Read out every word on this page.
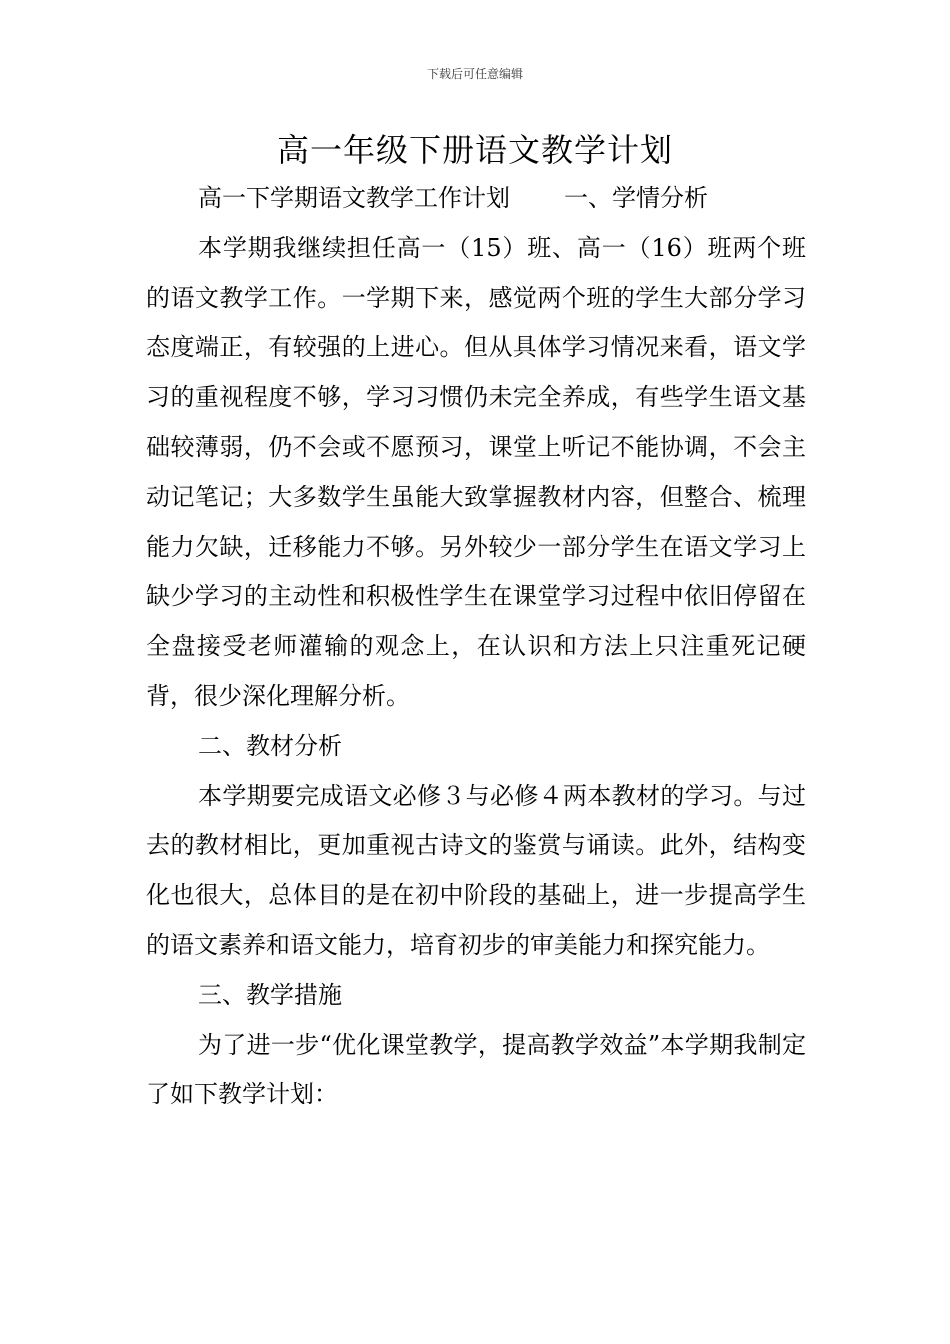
下载后可任意编辑
高一年级下册语文教学计划

高一下学期语文教学工作计划 一、学情分析

本学期我继续担任高一（15）班、高一（16）班两个班的语文教学工作。一学期下来，感觉两个班的学生大部分学习态度端正，有较强的上进心。但从具体学习情况来看，语文学习的重视程度不够，学习习惯仍未完全养成，有些学生语文基础较薄弱，仍不会或不愿预习，课堂上听记不能协调，不会主动记笔记；大多数学生虽能大致掌握教材内容，但整合、梳理能力欠缺，迁移能力不够。另外较少一部分学生在语文学习上缺少学习的主动性和积极性学生在课堂学习过程中依旧停留在全盘接受老师灌输的观念上，在认识和方法上只注重死记硬背，很少深化理解分析。

二、教材分析

本学期要完成语文必修３与必修４两本教材的学习。与过去的教材相比，更加重视古诗文的鉴赏与诵读。此外，结构变化也很大，总体目的是在初中阶段的基础上，进一步提高学生的语文素养和语文能力，培育初步的审美能力和探究能力。

三、教学措施

为了进一步“优化课堂教学，提高教学效益”本学期我制定了如下教学计划：
